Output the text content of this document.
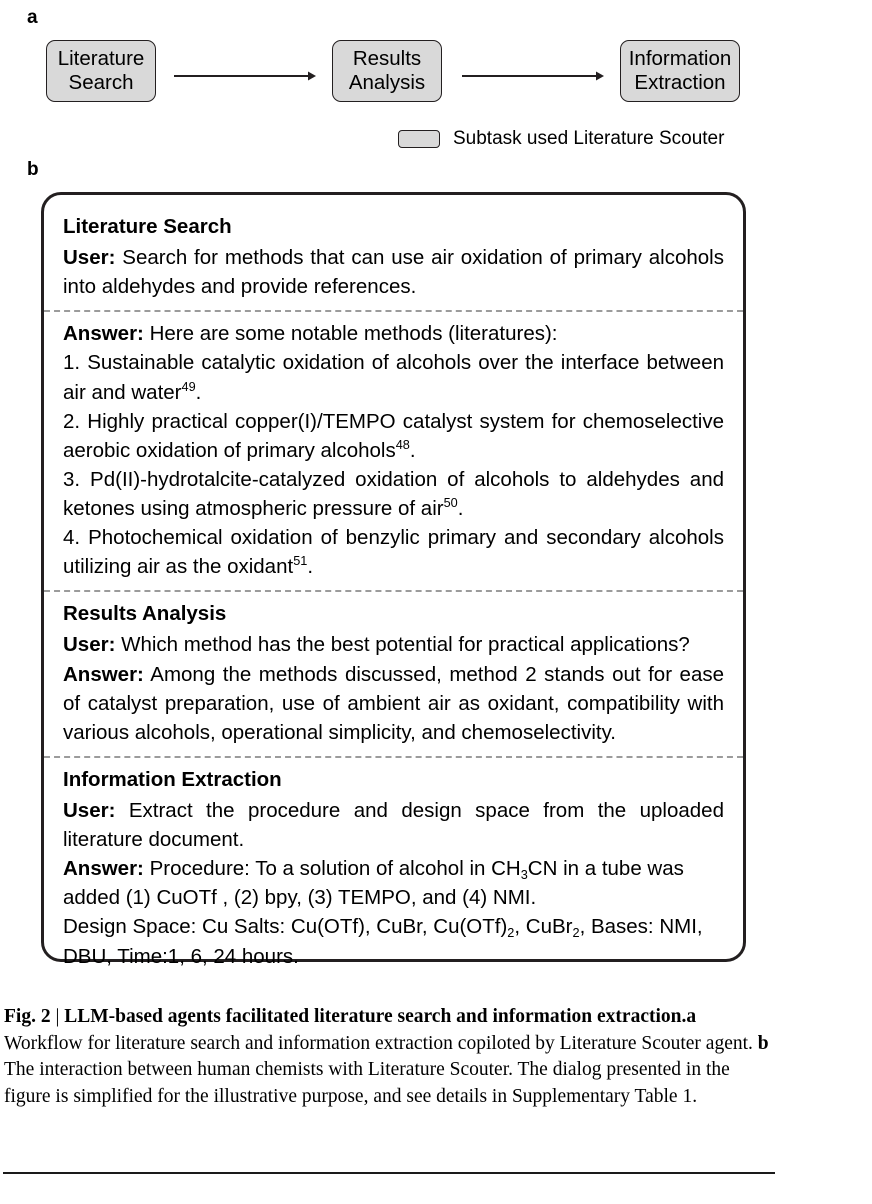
a
Literature
Search
Results
Analysis
Information
Extraction
Subtask used Literature Scouter
b
Literature Search

User: Search for methods that can use air oxidation of primary alcohols into aldehydes and provide references.

Answer: Here are some notable methods (literatures):

1. Sustainable catalytic oxidation of alcohols over the interface between air and water$^{49}$.

2. Highly practical copper(I)/TEMPO catalyst system for chemoselective aerobic oxidation of primary alcohols$^{48}$.

3. Pd(II)-hydrotalcite-catalyzed oxidation of alcohols to aldehydes and ketones using atmospheric pressure of air$^{50}$.

4. Photochemical oxidation of benzylic primary and secondary alcohols utilizing air as the oxidant$^{51}$.

Results Analysis

User: Which method has the best potential for practical applications?

Answer: Among the methods discussed, method 2 stands out for ease of catalyst preparation, use of ambient air as oxidant, compatibility with various alcohols, operational simplicity, and chemoselectivity.

Information Extraction

User: Extract the procedure and design space from the uploaded literature document.

Answer: Procedure: To a solution of alcohol in $CH_3CN$ in a tube was added (1) CuOTf , (2) bpy, (3) TEMPO, and (4) NMI.

Design Space: Cu Salts: Cu(OTf), CuBr, $Cu(OTf)_2$, CuBr$_2$, Bases: NMI, DBU, Time:1, 6, 24 hours.

Fig. 2 | LLM-based agents facilitated literature search and information extraction.a Workflow for literature search and information extraction copiloted by Literature Scouter agent. b The interaction between human chemists with Literature Scouter. The dialog presented in the figure is simplified for the illustrative purpose, and see details in Supplementary Table 1.
